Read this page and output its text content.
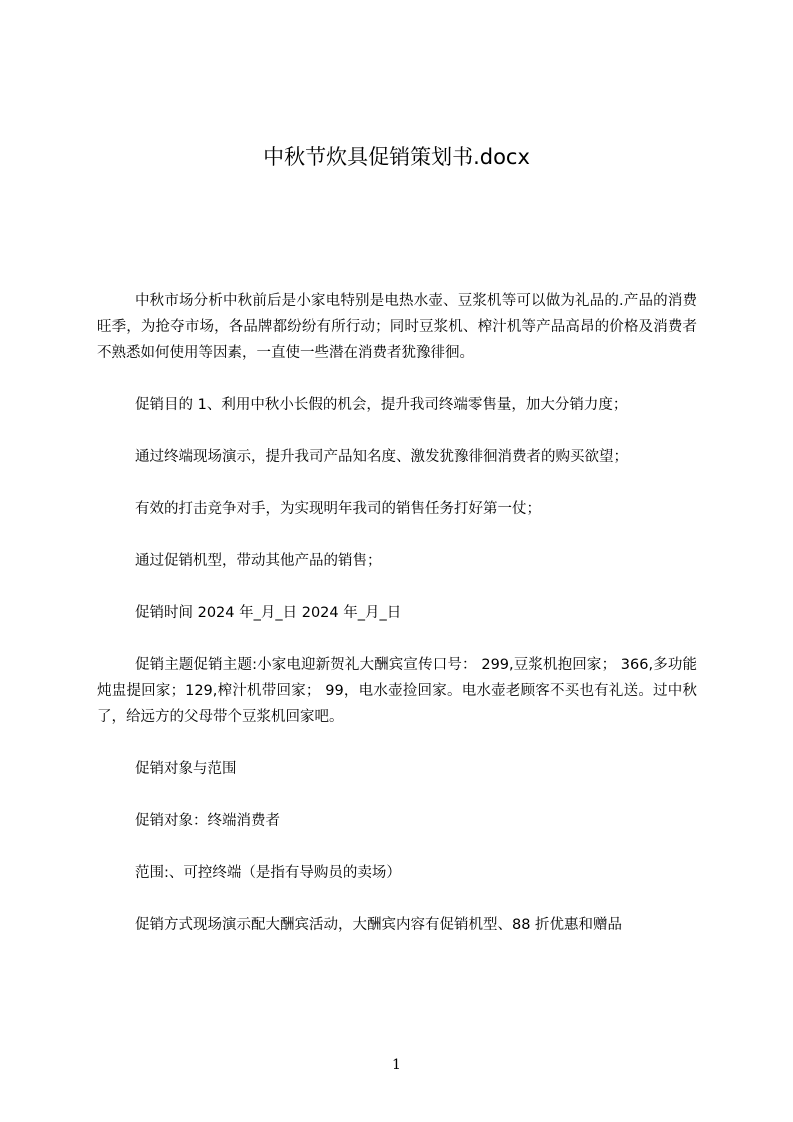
中秋节炊具促销策划书.docx

中秋市场分析中秋前后是小家电特别是电热水壶、豆浆机等可以做为礼品的.产品的消费旺季，为抢夺市场，各品牌都纷纷有所行动；同时豆浆机、榨汁机等产品高昂的价格及消费者不熟悉如何使用等因素，一直使一些潜在消费者犹豫徘徊。

促销目的 1、利用中秋小长假的机会，提升我司终端零售量，加大分销力度；

通过终端现场演示，提升我司产品知名度、激发犹豫徘徊消费者的购买欲望；

有效的打击竞争对手，为实现明年我司的销售任务打好第一仗；

通过促销机型，带动其他产品的销售；

促销时间 2024 年_月_日 2024 年_月_日

促销主题促销主题:小家电迎新贺礼大酬宾宣传口号： 299,豆浆机抱回家； 366,多功能炖盅提回家；129,榨汁机带回家； 99，电水壶捡回家。电水壶老顾客不买也有礼送。过中秋了，给远方的父母带个豆浆机回家吧。

促销对象与范围

促销对象：终端消费者

范围:、可控终端（是指有导购员的卖场）

促销方式现场演示配大酬宾活动，大酬宾内容有促销机型、88 折优惠和赠品

1
